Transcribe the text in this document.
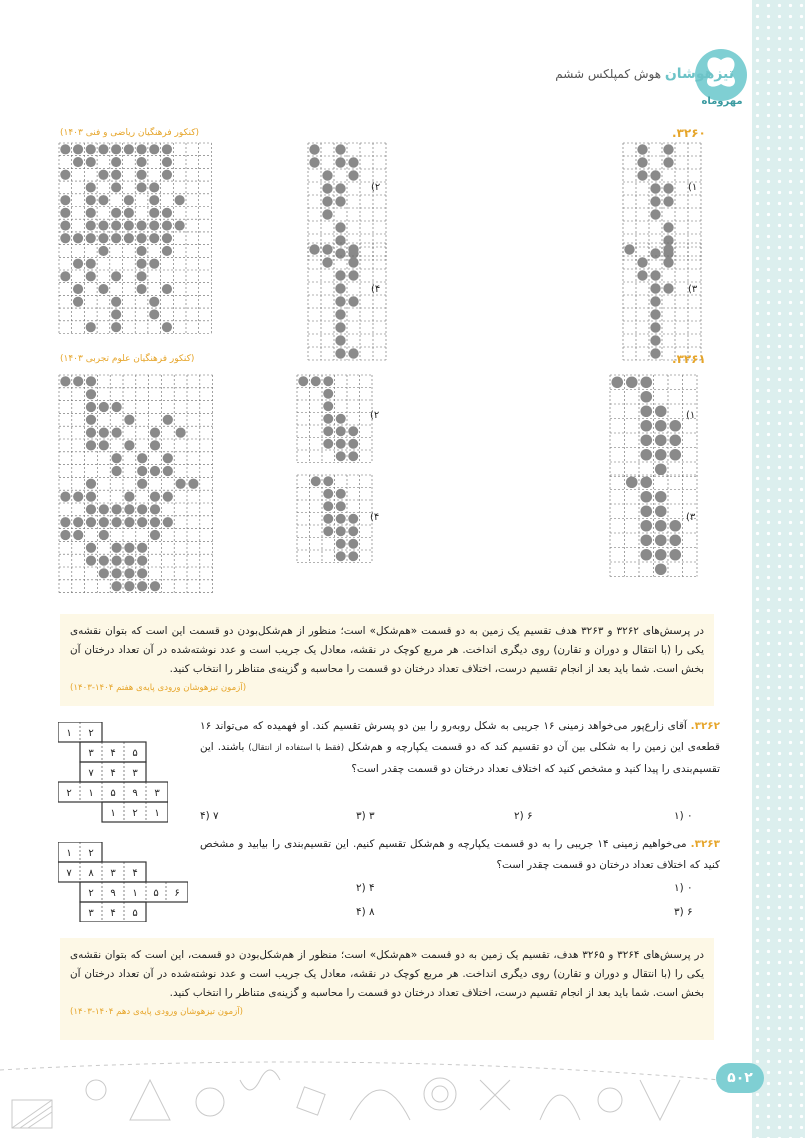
مهروماه
تیزهوشان هوش کمپلکس ششم
۳۲۶۰.
(کنکور فرهنگیان ریاضی و فنی ۱۴۰۳)
۱)
۲)
۳)
۴)
۳۲۶۱.
(کنکور فرهنگیان علوم تجربی ۱۴۰۳)
۱)
۲)
۳)
۴)
در پرسش‌های ۳۲۶۲ و ۳۲۶۳ هدف تقسیم یک زمین به دو قسمت «هم‌شکل» است؛ منظور از هم‌شکل‌بودن دو قسمت این است که بتوان نقشه‌ی یکی را (با انتقال و دوران و تقارن) روی دیگری انداخت. هر مربع کوچک در نقشه، معادل یک جریب است و عدد نوشته‌شده در آن تعداد درختان آن بخش است. شما باید بعد از انجام تقسیم درست، اختلاف تعداد درختان دو قسمت را محاسبه و گزینه‌ی متناظر را انتخاب کنید.
(آزمون تیزهوشان ورودی پایه‌ی هفتم ۱۴۰۴-۱۴۰۳)
۱ ۲
۳ ۴ ۵
۷ ۴ ۳
۲ ۱ ۵ ۹ ۳
۱ ۲ ۱
۳۲۶۲. آقای زارع‌پور می‌خواهد زمینی ۱۶ جریبی به شکل روبه‌رو را بین دو پسرش تقسیم کند. او فهمیده که می‌تواند ۱۶ قطعه‌ی این زمین را به شکلی بین آن دو تقسیم کند که دو قسمت یکپارچه و هم‌شکل (فقط با استفاده از انتقال) باشند. این تقسیم‌بندی را پیدا کنید و مشخص کنید که اختلاف تعداد درختان دو قسمت چقدر است؟
۰ (۱
۶ (۲
۳ (۳
۷ (۴
۱ ۲
۷ ۸ ۳ ۴
۲ ۹ ۱ ۵ ۶
۳ ۴ ۵
۳۲۶۳. می‌خواهیم زمینی ۱۴ جریبی را به دو قسمت یکپارچه و هم‌شکل تقسیم کنیم. این تقسیم‌بندی را بیابید و مشخص کنید که اختلاف تعداد درختان دو قسمت چقدر است؟
۰ (۱
۴ (۲
۶ (۳
۸ (۴
در پرسش‌های ۳۲۶۴ و ۳۲۶۵ هدف، تقسیم یک زمین به دو قسمت «هم‌شکل» است؛ منظور از هم‌شکل‌بودن دو قسمت، این است که بتوان نقشه‌ی یکی را (با انتقال و دوران و تقارن) روی دیگری انداخت. هر مربع کوچک در نقشه، معادل یک جریب است و عدد نوشته‌شده در آن تعداد درختان آن بخش است. شما باید بعد از انجام تقسیم درست، اختلاف تعداد درختان دو قسمت را محاسبه و گزینه‌ی متناظر را انتخاب کنید.
(آزمون تیزهوشان ورودی پایه‌ی دهم ۱۴۰۴-۱۴۰۳)
۵۰۲
